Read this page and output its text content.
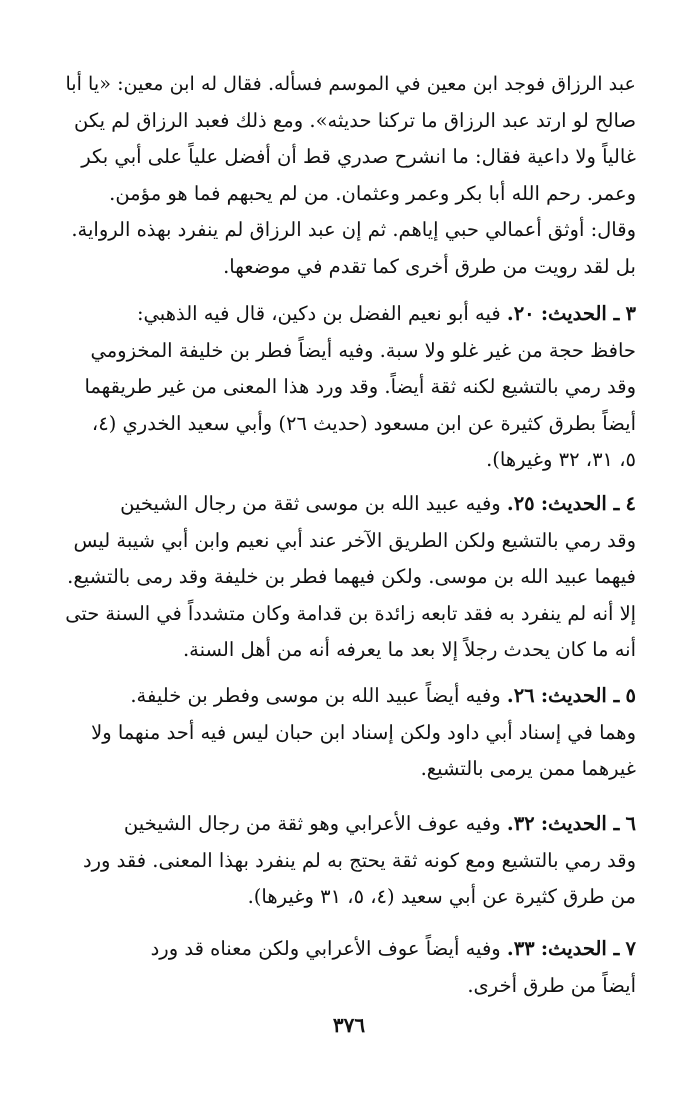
عبد الرزاق فوجد ابن معين في الموسم فسأله. فقال له ابن معين: «يا أبا
صالح لو ارتد عبد الرزاق ما تركنا حديثه». ومع ذلك فعبد الرزاق لم يكن
غالياً ولا داعية فقال: ما انشرح صدري قط أن أفضل علياً على أبي بكر
وعمر. رحم الله أبا بكر وعمر وعثمان. من لم يحبهم فما هو مؤمن.
وقال: أوثق أعمالي حبي إياهم. ثم إن عبد الرزاق لم ينفرد بهذه الرواية.
بل لقد رويت من طرق أخرى كما تقدم في موضعها.
٣ ـ الحديث: ٢٠. فيه أبو نعيم الفضل بن دكين، قال فيه الذهبي:
حافظ حجة من غير غلو ولا سبة. وفيه أيضاً فطر بن خليفة المخزومي
وقد رمي بالتشيع لكنه ثقة أيضاً. وقد ورد هذا المعنى من غير طريقهما
أيضاً بطرق كثيرة عن ابن مسعود (حديث ٢٦) وأبي سعيد الخدري (٤،
٥، ٣١، ٣٢ وغيرها).
٤ ـ الحديث: ٢٥. وفيه عبيد الله بن موسى ثقة من رجال الشيخين
وقد رمي بالتشيع ولكن الطريق الآخر عند أبي نعيم وابن أبي شيبة ليس
فيهما عبيد الله بن موسى. ولكن فيهما فطر بن خليفة وقد رمى بالتشيع.
إلا أنه لم ينفرد به فقد تابعه زائدة بن قدامة وكان متشدداً في السنة حتى
أنه ما كان يحدث رجلاً إلا بعد ما يعرفه أنه من أهل السنة.
٥ ـ الحديث: ٢٦. وفيه أيضاً عبيد الله بن موسى وفطر بن خليفة.
وهما في إسناد أبي داود ولكن إسناد ابن حبان ليس فيه أحد منهما ولا
غيرهما ممن يرمى بالتشيع.
٦ ـ الحديث: ٣٢. وفيه عوف الأعرابي وهو ثقة من رجال الشيخين
وقد رمي بالتشيع ومع كونه ثقة يحتج به لم ينفرد بهذا المعنى. فقد ورد
من طرق كثيرة عن أبي سعيد (٤، ٥، ٣١ وغيرها).
٧ ـ الحديث: ٣٣. وفيه أيضاً عوف الأعرابي ولكن معناه قد ورد
أيضاً من طرق أخرى.
٣٧٦
